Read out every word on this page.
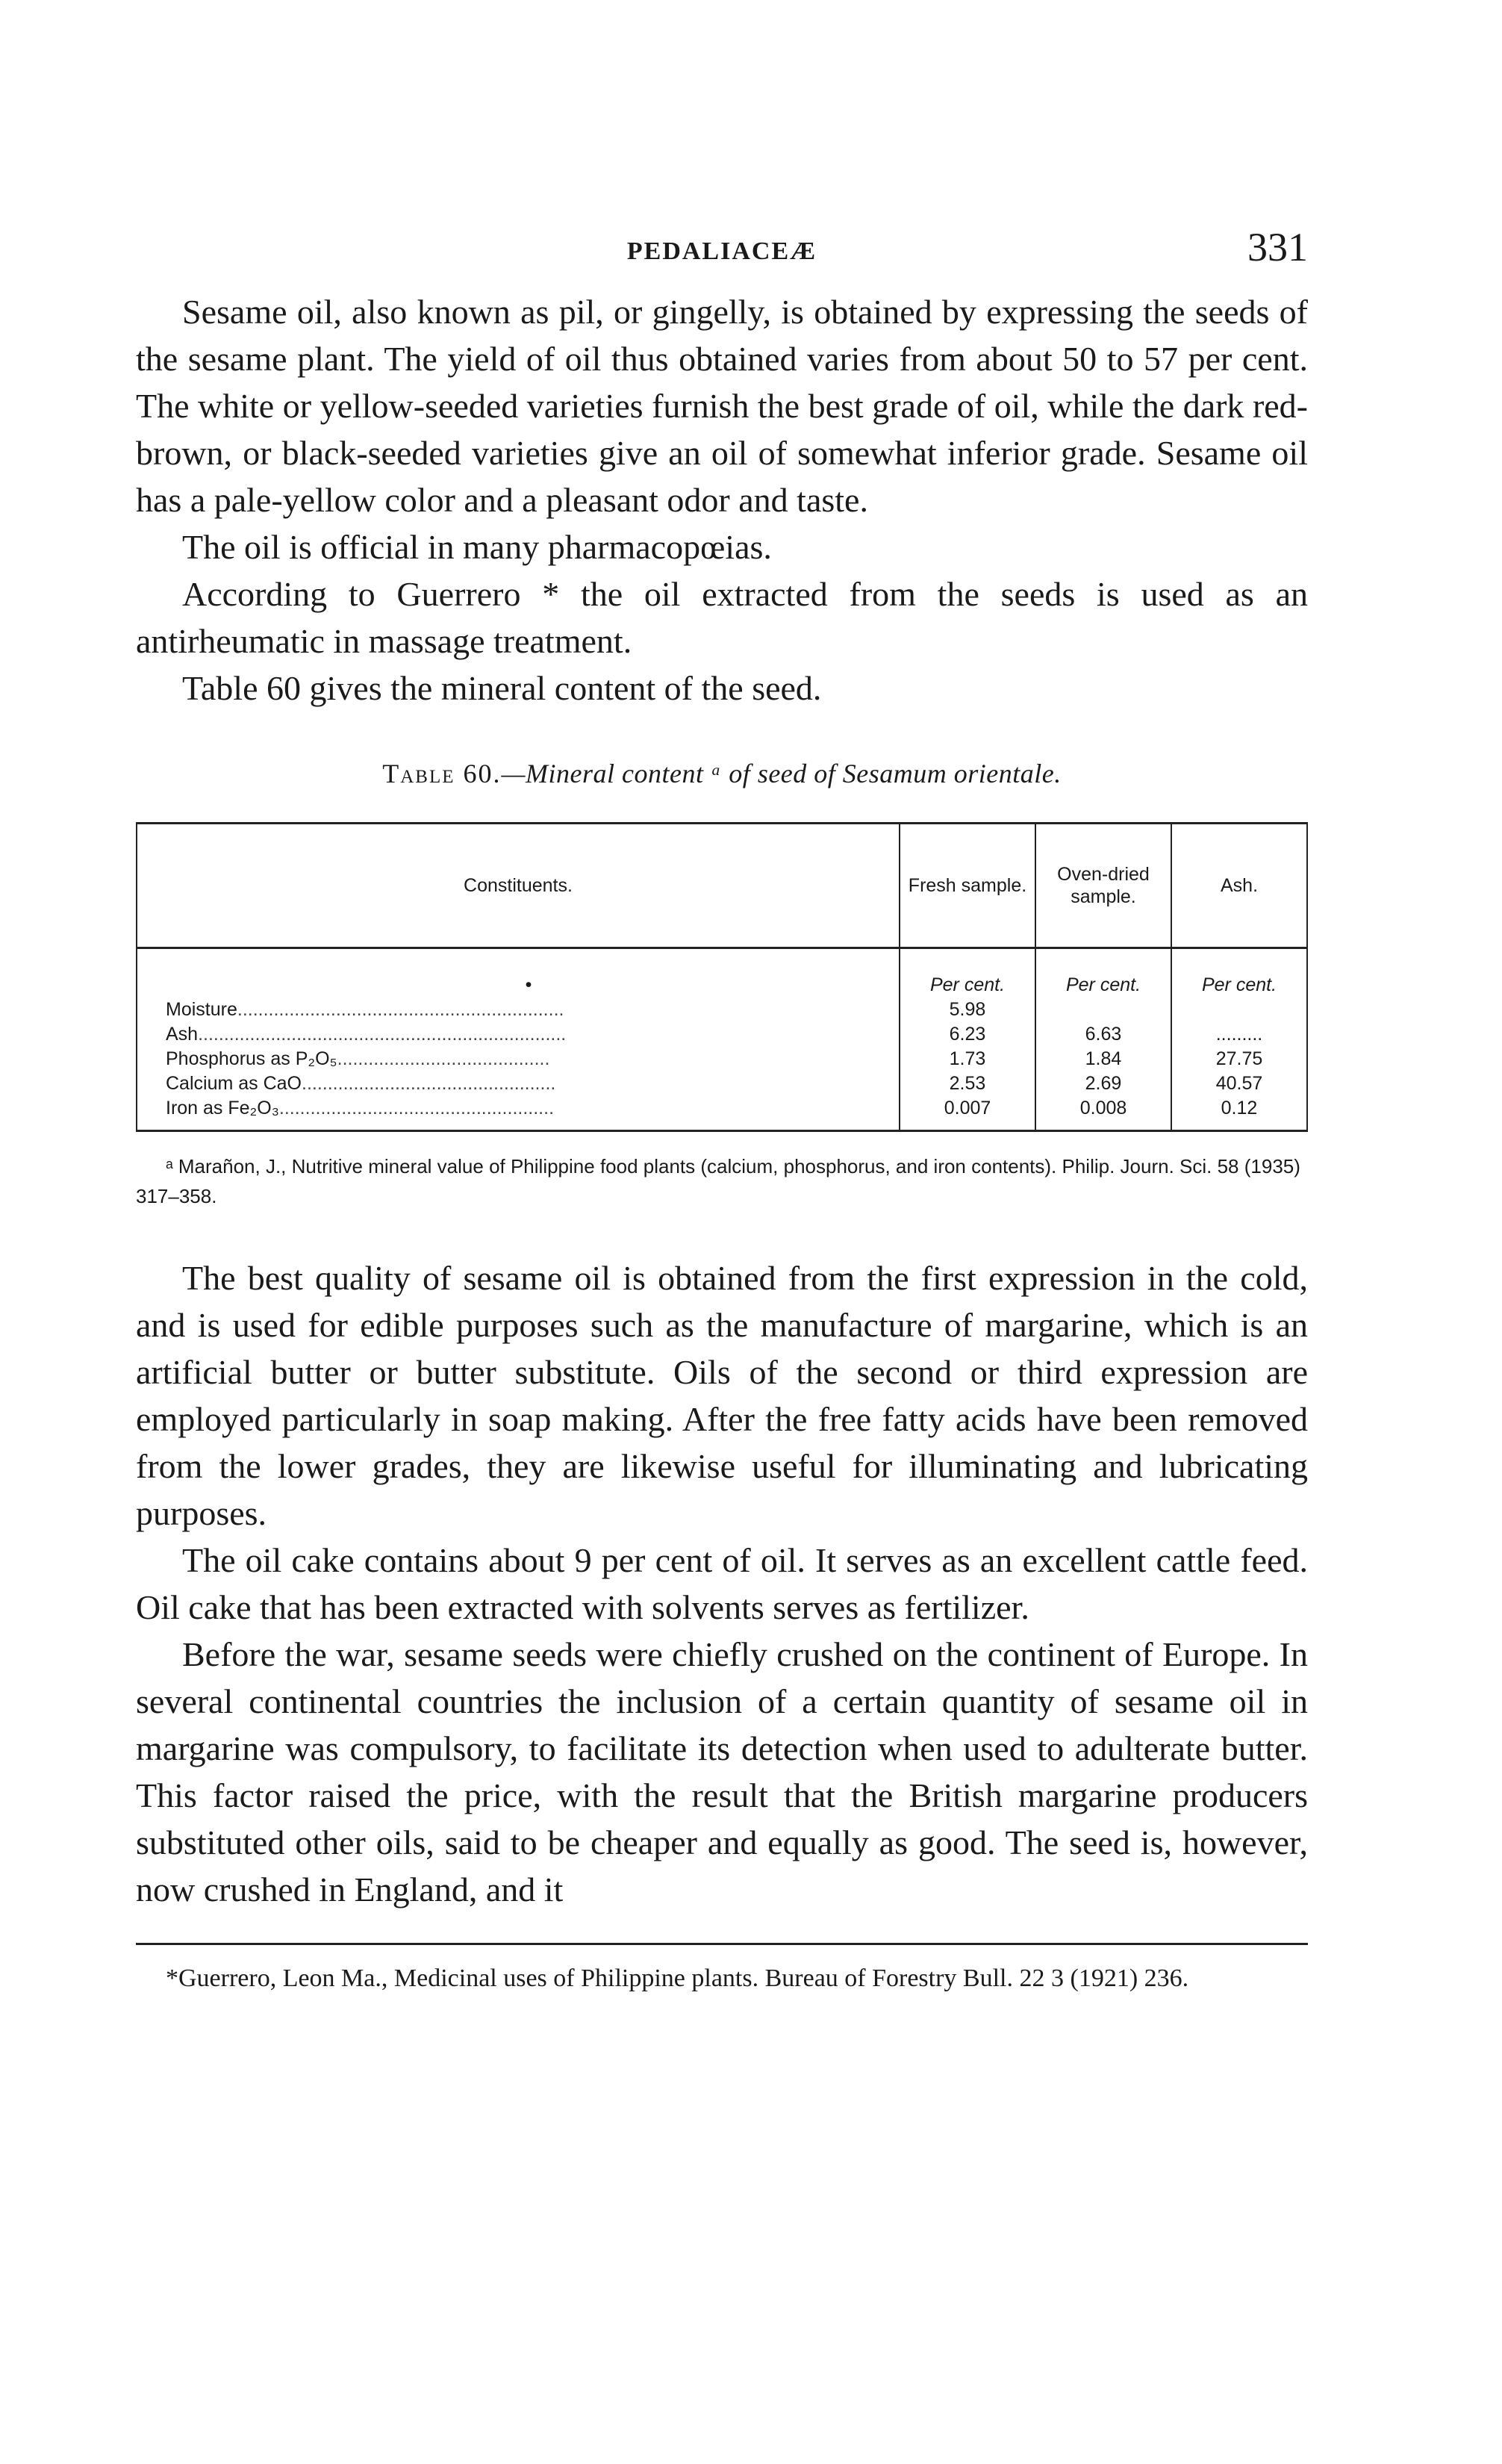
PEDALIACEÆ	331

Sesame oil, also known as pil, or gingelly, is obtained by expressing the seeds of the sesame plant. The yield of oil thus obtained varies from about 50 to 57 per cent. The white or yellow-seeded varieties furnish the best grade of oil, while the dark red-brown, or black-seeded varieties give an oil of somewhat inferior grade. Sesame oil has a pale-yellow color and a pleasant odor and taste.

The oil is official in many pharmacopœias.

According to Guerrero * the oil extracted from the seeds is used as an antirheumatic in massage treatment.

Table 60 gives the mineral content of the seed.

Table 60.—Mineral content ᵃ of seed of Sesamum orientale.
Constituents.	Fresh sample.	Oven-dried sample.	Ash.
•	Per cent.	Per cent.	Per cent.
Moisture...............................................................	5.98		
Ash.......................................................................	6.23	6.63	.........
Phosphorus as P₂O₅.........................................	1.73	1.84	27.75
Calcium as CaO.................................................	2.53	2.69	40.57
Iron as Fe₂O₃.....................................................	0.007	0.008	0.12

ᵃ Marañon, J., Nutritive mineral value of Philippine food plants (calcium, phosphorus, and iron contents). Philip. Journ. Sci. 58 (1935) 317–358.

The best quality of sesame oil is obtained from the first expression in the cold, and is used for edible purposes such as the manufacture of margarine, which is an artificial butter or butter substitute. Oils of the second or third expression are employed particularly in soap making. After the free fatty acids have been removed from the lower grades, they are likewise useful for illuminating and lubricating purposes.

The oil cake contains about 9 per cent of oil. It serves as an excellent cattle feed. Oil cake that has been extracted with solvents serves as fertilizer.

Before the war, sesame seeds were chiefly crushed on the continent of Europe. In several continental countries the inclusion of a certain quantity of sesame oil in margarine was compulsory, to facilitate its detection when used to adulterate butter. This factor raised the price, with the result that the British margarine producers substituted other oils, said to be cheaper and equally as good. The seed is, however, now crushed in England, and it

*Guerrero, Leon Ma., Medicinal uses of Philippine plants. Bureau of Forestry Bull. 22 3 (1921) 236.
